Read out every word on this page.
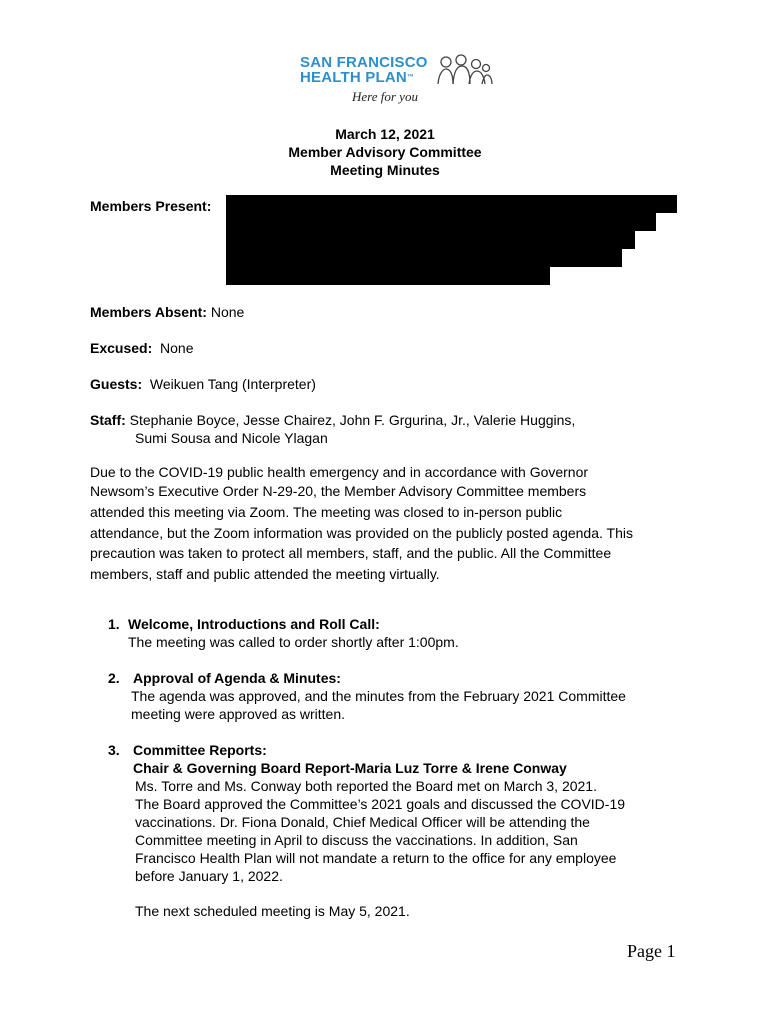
SAN FRANCISCO
HEALTH PLAN™
Here for you
March 12, 2021
Member Advisory Committee
Meeting Minutes
Members Present:
Members Absent: None
Excused:  None
Guests:  Weikuen Tang (Interpreter)
Staff: Stephanie Boyce, Jesse Chairez, John F. Grgurina, Jr., Valerie Huggins,
Sumi Sousa and Nicole Ylagan
Due to the COVID-19 public health emergency and in accordance with Governor
Newsom’s Executive Order N-29-20, the Member Advisory Committee members
attended this meeting via Zoom. The meeting was closed to in-person public
attendance, but the Zoom information was provided on the publicly posted agenda. This
precaution was taken to protect all members, staff, and the public. All the Committee
members, staff and public attended the meeting virtually.
1. Welcome, Introductions and Roll Call:
The meeting was called to order shortly after 1:00pm.
2. Approval of Agenda & Minutes:
The agenda was approved, and the minutes from the February 2021 Committee
meeting were approved as written.
3. Committee Reports:
Chair & Governing Board Report-Maria Luz Torre & Irene Conway
Ms. Torre and Ms. Conway both reported the Board met on March 3, 2021.
The Board approved the Committee’s 2021 goals and discussed the COVID-19
vaccinations. Dr. Fiona Donald, Chief Medical Officer will be attending the
Committee meeting in April to discuss the vaccinations. In addition, San
Francisco Health Plan will not mandate a return to the office for any employee
before January 1, 2022.
The next scheduled meeting is May 5, 2021.
Page 1
